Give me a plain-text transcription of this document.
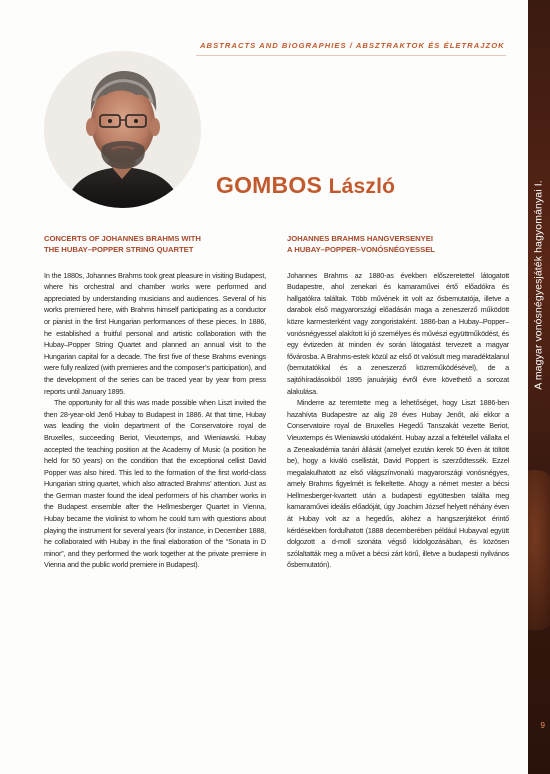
ABSTRACTS AND BIOGRAPHIES / ABSZTRAKTOK ÉS ÉLETRAJZOK
GOMBOS László
CONCERTS OF JOHANNES BRAHMS WITH
THE HUBAY–POPPER STRING QUARTET

In the 1880s, Johannes Brahms took great pleasure in visiting Budapest, where his orchestral and chamber works were performed and appreciated by understanding musicians and audiences. Several of his works premiered here, with Brahms himself participating as a conductor or pianist in the first Hungarian performances of these pieces. In 1886, he established a fruitful personal and artistic collaboration with the Hubay–Popper String Quartet and planned an annual visit to the Hungarian capital for a decade. The first five of these Brahms evenings were fully realized (with premieres and the composer’s participation), and the development of the series can be traced year by year from press reports until January 1895.

The opportunity for all this was made possible when Liszt invited the then 28-year-old Jenő Hubay to Budapest in 1886. At that time, Hubay was leading the violin department of the Conservatoire royal de Bruxelles, succeeding Beriot, Vieuxtemps, and Wieniawski. Hubay accepted the teaching position at the Academy of Music (a position he held for 50 years) on the condition that the exceptional cellist David Popper was also hired. This led to the formation of the first world-class Hungarian string quartet, which also attracted Brahms’ attention. Just as the German master found the ideal performers of his chamber works in the Budapest ensemble after the Hellmesberger Quartet in Vienna, Hubay became the violinist to whom he could turn with questions about playing the instrument for several years (for instance, in December 1888, he collaborated with Hubay in the final elaboration of the “Sonata in D minor”, and they performed the work together at the private premiere in Vienna and the public world premiere in Budapest).

JOHANNES BRAHMS HANGVERSENYEI
A HUBAY–POPPER–VONÓSNÉGYESSEL

Johannes Brahms az 1880-as években előszeretettel látogatott Budapestre, ahol zenekari és kamaraművei értő előadókra és hallgatókra találtak. Több művének itt volt az ősbemutatója, illetve a darabok első magyarországi előadásán maga a zeneszerző működött közre karmesterként vagy zongoristaként. 1886-ban a Hubay–Popper–vonósnégyessel alakított ki jó személyes és művészi együttműködést, és egy évtizeden át minden év során látogatást tervezett a magyar fővárosba. A Brahms-estek közül az első öt valósult meg maradéktalanul (bemutatókkal és a zeneszerző közreműködésével), de a sajtóhíradásokból 1895 januárjáig évről évre követhető a sorozat alakulása.

Minderre az teremtette meg a lehetőséget, hogy Liszt 1886-ben hazahívta Budapestre az alig 28 éves Hubay Jenőt, aki ekkor a Conservatoire royal de Bruxelles Hegedű Tanszakát vezette Beriot, Vieuxtemps és Wieniawski utódaként. Hubay azzal a feltétellel vállalta el a Zeneakadémia tanári állását (amelyet ezután kerek 50 éven át töltött be), hogy a kiváló csellistát, David Poppert is szerződtessék. Ezzel megalakulhatott az első világszínvonalú magyarországi vonósnégyes, amely Brahms figyelmét is felkeltette. Ahogy a német mester a bécsi Hellmesberger-kvartett után a budapesti együttesben találta meg kamaraművei ideális előadóját, úgy Joachim József helyett néhány éven át Hubay volt az a hegedűs, akihez a hangszerjátékot érintő kérdésekben fordulhatott (1888 decemberében például Hubayval együtt dolgozott a d-moll szonáta végső kidolgozásában, és közösen szólaltatták meg a művet a bécsi zárt körű, illetve a budapesti nyilvános ősbemutatón).

A magyar vonósnégyesjáték hagyományai I.
9
